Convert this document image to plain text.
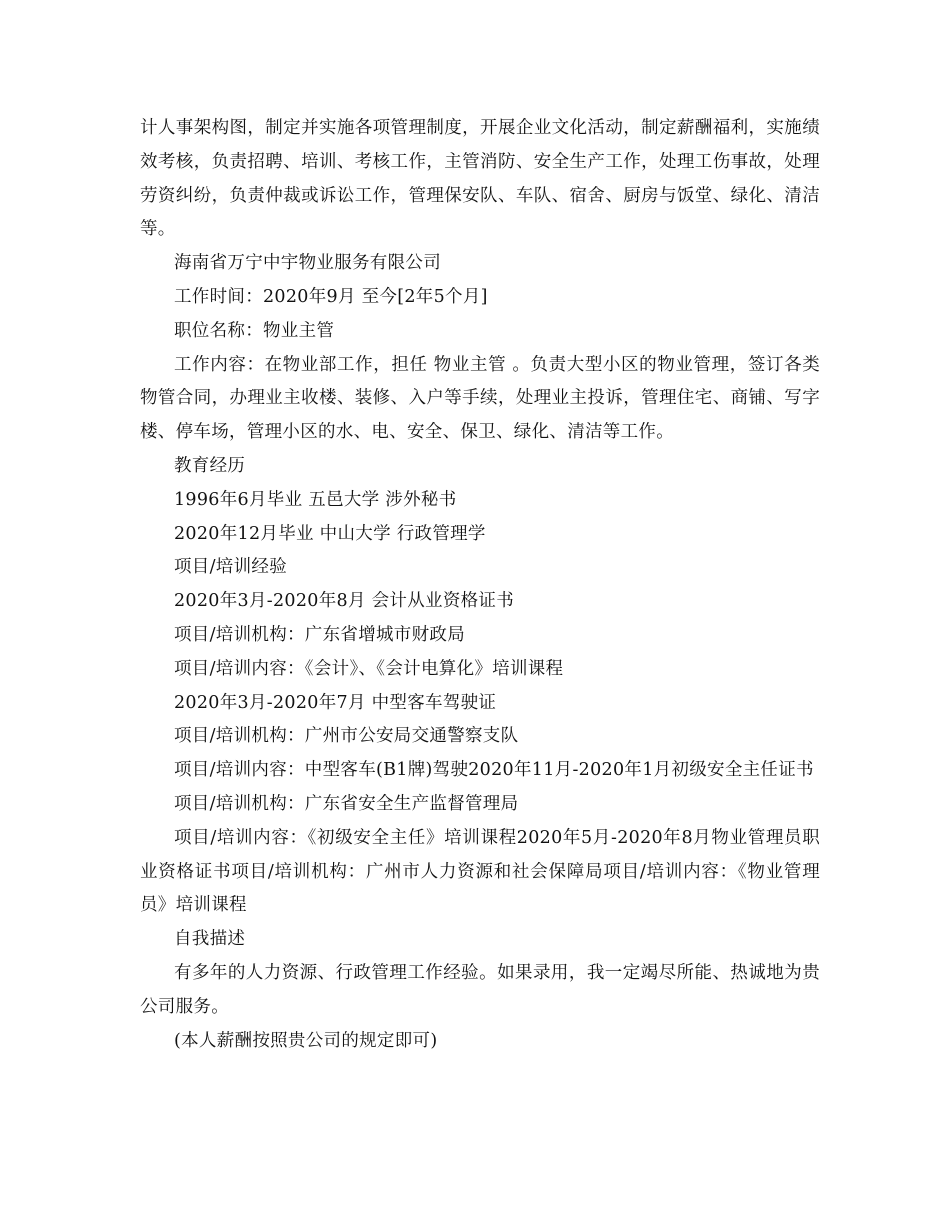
计人事架构图，制定并实施各项管理制度，开展企业文化活动，制定薪酬福利，实施绩效考核，负责招聘、培训、考核工作，主管消防、安全生产工作，处理工伤事故，处理劳资纠纷，负责仲裁或诉讼工作，管理保安队、车队、宿舍、厨房与饭堂、绿化、清洁等。

海南省万宁中宇物业服务有限公司

工作时间：2020年9月 至今[2年5个月]

职位名称：物业主管

工作内容：在物业部工作，担任 物业主管 。负责大型小区的物业管理，签订各类物管合同，办理业主收楼、装修、入户等手续，处理业主投诉，管理住宅、商铺、写字楼、停车场，管理小区的水、电、安全、保卫、绿化、清洁等工作。

教育经历

1996年6月毕业 五邑大学 涉外秘书

2020年12月毕业 中山大学 行政管理学

项目/培训经验

2020年3月-2020年8月 会计从业资格证书

项目/培训机构：广东省增城市财政局

项目/培训内容：《会计》、《会计电算化》培训课程

2020年3月-2020年7月 中型客车驾驶证

项目/培训机构：广州市公安局交通警察支队

项目/培训内容：中型客车(B1牌)驾驶2020年11月-2020年1月初级安全主任证书

项目/培训机构：广东省安全生产监督管理局

项目/培训内容：《初级安全主任》培训课程2020年5月-2020年8月物业管理员职业资格证书项目/培训机构：广州市人力资源和社会保障局项目/培训内容：《物业管理员》培训课程

自我描述

有多年的人力资源、行政管理工作经验。如果录用，我一定竭尽所能、热诚地为贵公司服务。

(本人薪酬按照贵公司的规定即可)
